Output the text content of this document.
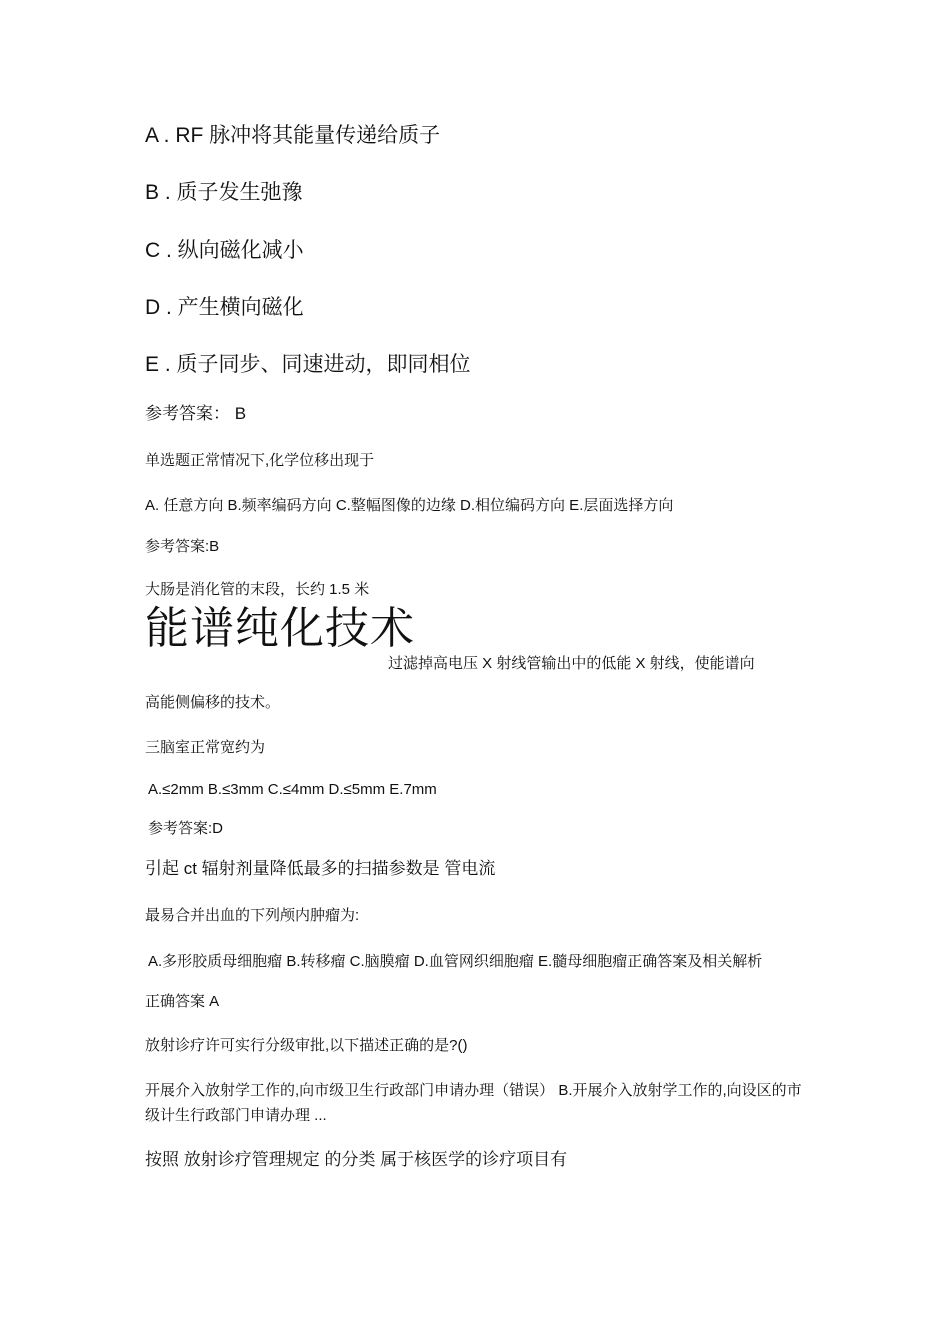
A . RF 脉冲将其能量传递给质子
B . 质子发生弛豫
C . 纵向磁化减小
D . 产生横向磁化
E . 质子同步、同速进动，即同相位
参考答案： B
单选题正常情况下,化学位移出现于
A. 任意方向 B.频率编码方向 C.整幅图像的边缘 D.相位编码方向 E.层面选择方向
参考答案:B
大肠是消化管的末段，长约 1.5 米
能谱纯化技术
过滤掉高电压 X 射线管输出中的低能 X 射线，使能谱向
高能侧偏移的技术。
三脑室正常宽约为
A.≤2mm B.≤3mm C.≤4mm D.≤5mm E.7mm
参考答案:D
引起 ct 辐射剂量降低最多的扫描参数是 管电流
最易合并出血的下列颅内肿瘤为:
A.多形胶质母细胞瘤 B.转移瘤 C.脑膜瘤 D.血管网织细胞瘤 E.髓母细胞瘤正确答案及相关解析
正确答案 A
放射诊疗许可实行分级审批,以下描述正确的是?()
开展介入放射学工作的,向市级卫生行政部门申请办理（错误） B.开展介入放射学工作的,向设区的市级计生行政部门申请办理 ...
按照 放射诊疗管理规定 的分类 属于核医学的诊疗项目有
